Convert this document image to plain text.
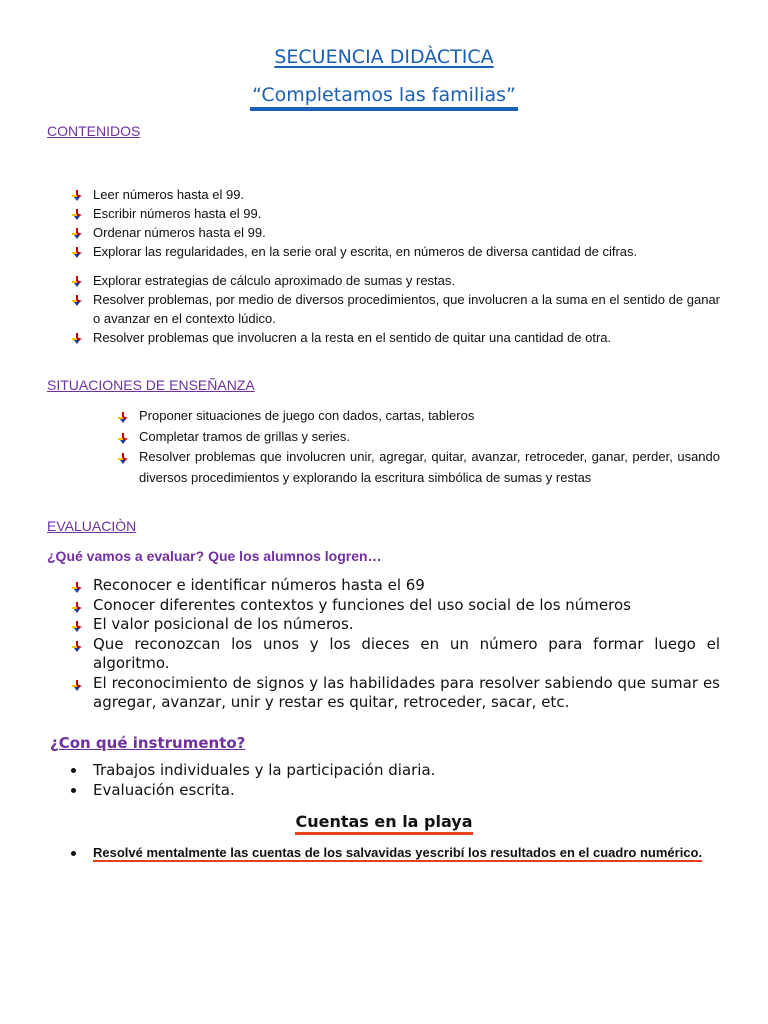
SECUENCIA DIDÀCTICA
“Completamos las familias”
CONTENIDOS
Leer números hasta el 99.
Escribir números hasta el 99.
Ordenar números hasta el 99.
Explorar las regularidades, en la serie oral y escrita, en números de diversa cantidad de cifras.
Explorar estrategias de cálculo aproximado de sumas y restas.
Resolver problemas, por medio de diversos procedimientos, que involucren a la suma en el sentido de ganar o avanzar en el contexto lúdico.
Resolver problemas que involucren a la resta en el sentido de quitar una cantidad de otra.
SITUACIONES DE ENSEÑANZA
Proponer situaciones de juego con dados, cartas, tableros
Completar tramos de grillas y series.
Resolver problemas que involucren unir, agregar, quitar, avanzar, retroceder, ganar, perder, usando diversos procedimientos y explorando la escritura simbólica de sumas y restas
EVALUACIÒN
¿Qué vamos a evaluar? Que los alumnos logren…
Reconocer e identificar números hasta el 69
Conocer diferentes contextos y funciones del uso social de los números
El valor posicional de los números.
Que reconozcan los unos y los dieces en un número para formar luego el algoritmo.
El reconocimiento de signos y las habilidades para resolver sabiendo que sumar es agregar, avanzar, unir y restar es quitar, retroceder, sacar, etc.
¿Con qué instrumento?
Trabajos individuales y la participación diaria.
Evaluación escrita.
Cuentas en la playa
Resolvé mentalmente las cuentas de los salvavidas yescribí los resultados en el cuadro numérico.
